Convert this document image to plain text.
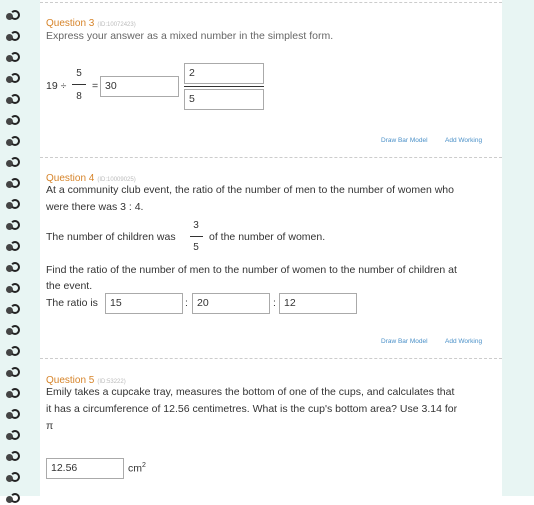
Question 3 (ID:10072423)
Express your answer as a mixed number in the simplest form.
19 ÷
5
8
= 30
2
5
Draw Bar Model	Add Working
Question 4 (ID:10009025)
At a community club event, the ratio of the number of men to the number of women who
were there was 3 : 4.
The number of children was
3
5
of the number of women.
Find the ratio of the number of men to the number of women to the number of children at
the event.
The ratio is	15	: 20	: 12
Draw Bar Model	Add Working
Question 5 (ID:53222)
Emily takes a cupcake tray, measures the bottom of one of the cups, and calculates that
it has a circumference of 12.56 centimetres. What is the cup's bottom area? Use 3.14 for
π
12.56	$cm^2$
